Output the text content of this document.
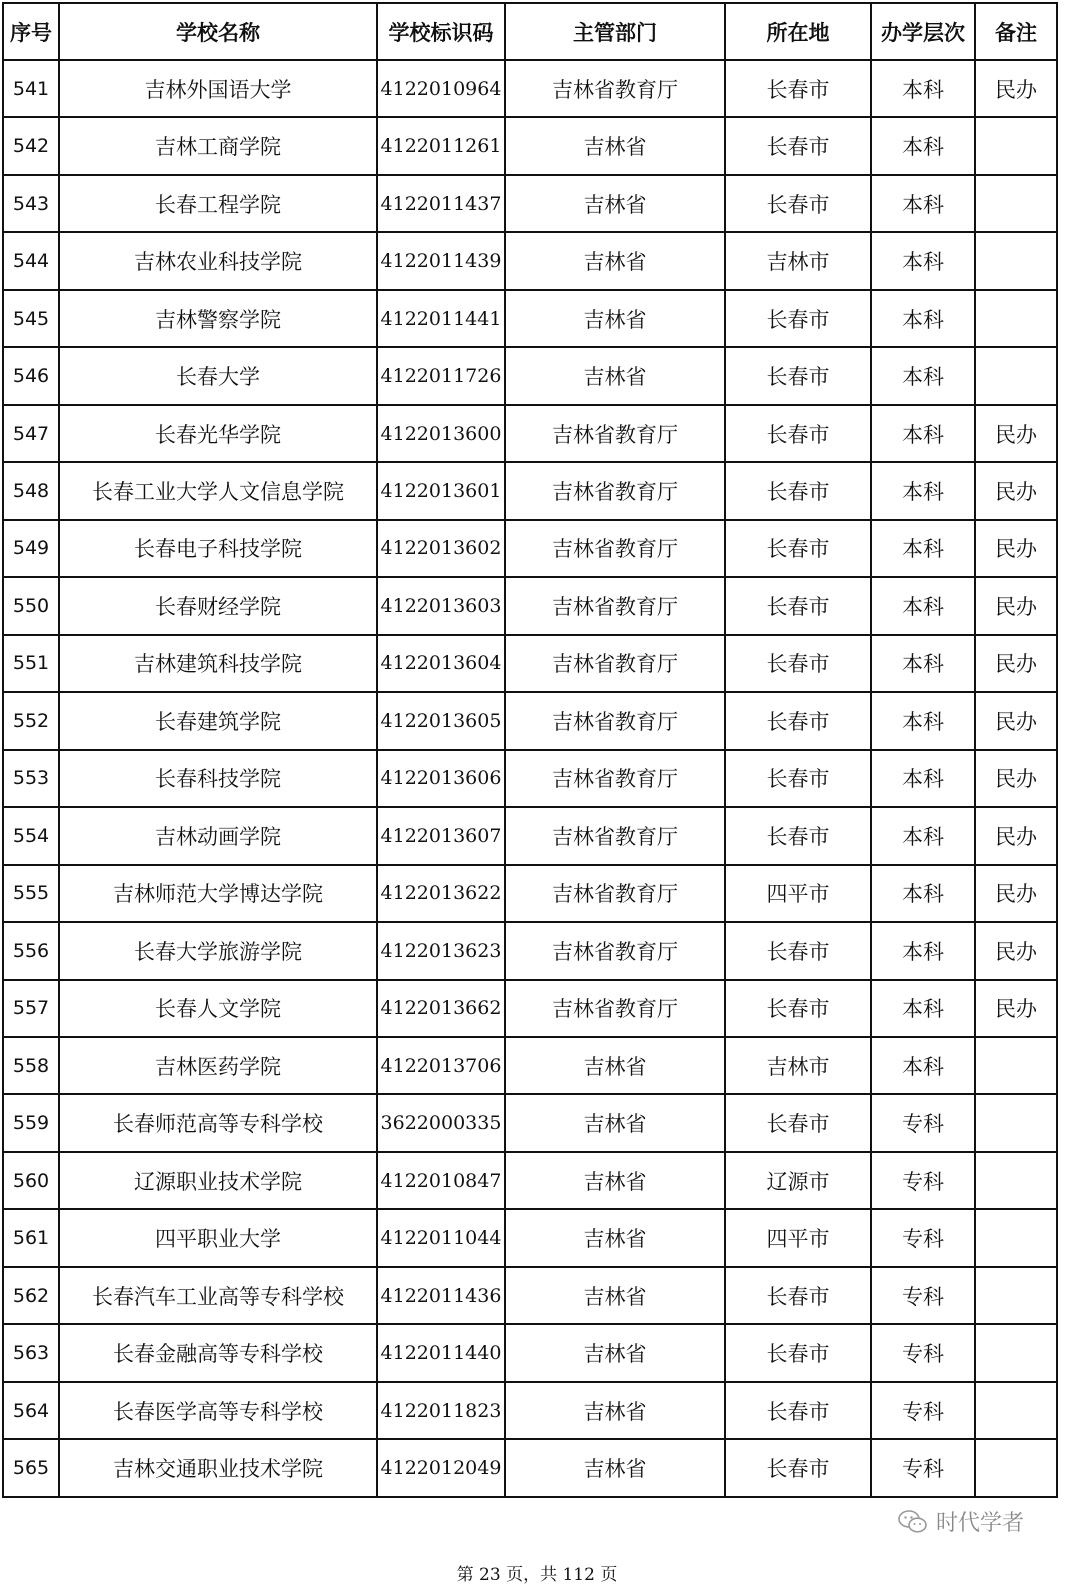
序号	学校名称	学校标识码	主管部门	所在地	办学层次	备注
541	吉林外国语大学	4122010964	吉林省教育厅	长春市	本科	民办
542	吉林工商学院	4122011261	吉林省	长春市	本科	
543	长春工程学院	4122011437	吉林省	长春市	本科	
544	吉林农业科技学院	4122011439	吉林省	吉林市	本科	
545	吉林警察学院	4122011441	吉林省	长春市	本科	
546	长春大学	4122011726	吉林省	长春市	本科	
547	长春光华学院	4122013600	吉林省教育厅	长春市	本科	民办
548	长春工业大学人文信息学院	4122013601	吉林省教育厅	长春市	本科	民办
549	长春电子科技学院	4122013602	吉林省教育厅	长春市	本科	民办
550	长春财经学院	4122013603	吉林省教育厅	长春市	本科	民办
551	吉林建筑科技学院	4122013604	吉林省教育厅	长春市	本科	民办
552	长春建筑学院	4122013605	吉林省教育厅	长春市	本科	民办
553	长春科技学院	4122013606	吉林省教育厅	长春市	本科	民办
554	吉林动画学院	4122013607	吉林省教育厅	长春市	本科	民办
555	吉林师范大学博达学院	4122013622	吉林省教育厅	四平市	本科	民办
556	长春大学旅游学院	4122013623	吉林省教育厅	长春市	本科	民办
557	长春人文学院	4122013662	吉林省教育厅	长春市	本科	民办
558	吉林医药学院	4122013706	吉林省	吉林市	本科	
559	长春师范高等专科学校	3622000335	吉林省	长春市	专科	
560	辽源职业技术学院	4122010847	吉林省	辽源市	专科	
561	四平职业大学	4122011044	吉林省	四平市	专科	
562	长春汽车工业高等专科学校	4122011436	吉林省	长春市	专科	
563	长春金融高等专科学校	4122011440	吉林省	长春市	专科	
564	长春医学高等专科学校	4122011823	吉林省	长春市	专科	
565	吉林交通职业技术学院	4122012049	吉林省	长春市	专科	
时代学者
第 23 页，共 112 页
